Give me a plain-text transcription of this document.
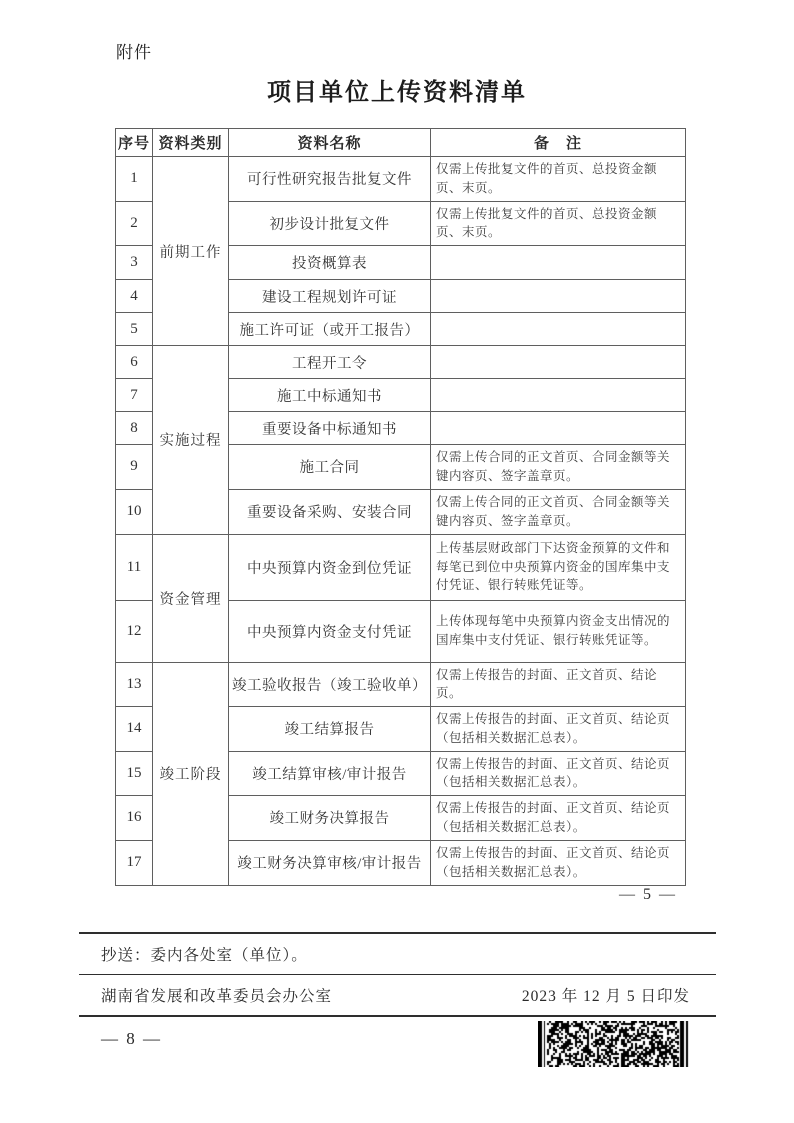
附件
项目单位上传资料清单
序号	资料类别	资料名称	备　注
1	前期工作	可行性研究报告批复文件	仅需上传批复文件的首页、总投资金额页、末页。
2		初步设计批复文件	仅需上传批复文件的首页、总投资金额页、末页。
3		投资概算表	
4		建设工程规划许可证	
5		施工许可证（或开工报告）	
6	实施过程	工程开工令	
7		施工中标通知书	
8		重要设备中标通知书	
9		施工合同	仅需上传合同的正文首页、合同金额等关键内容页、签字盖章页。
10		重要设备采购、安装合同	仅需上传合同的正文首页、合同金额等关键内容页、签字盖章页。
11	资金管理	中央预算内资金到位凭证	上传基层财政部门下达资金预算的文件和每笔已到位中央预算内资金的国库集中支付凭证、银行转账凭证等。
12		中央预算内资金支付凭证	上传体现每笔中央预算内资金支出情况的国库集中支付凭证、银行转账凭证等。
13	竣工阶段	竣工验收报告（竣工验收单）	仅需上传报告的封面、正文首页、结论页。
14		竣工结算报告	仅需上传报告的封面、正文首页、结论页（包括相关数据汇总表）。
15		竣工结算审核/审计报告	仅需上传报告的封面、正文首页、结论页（包括相关数据汇总表）。
16		竣工财务决算报告	仅需上传报告的封面、正文首页、结论页（包括相关数据汇总表）。
17		竣工财务决算审核/审计报告	仅需上传报告的封面、正文首页、结论页（包括相关数据汇总表）。
— 5 —
抄送：委内各处室（单位）。
湖南省发展和改革委员会办公室	2023 年 12 月 5 日印发
— 8 —
